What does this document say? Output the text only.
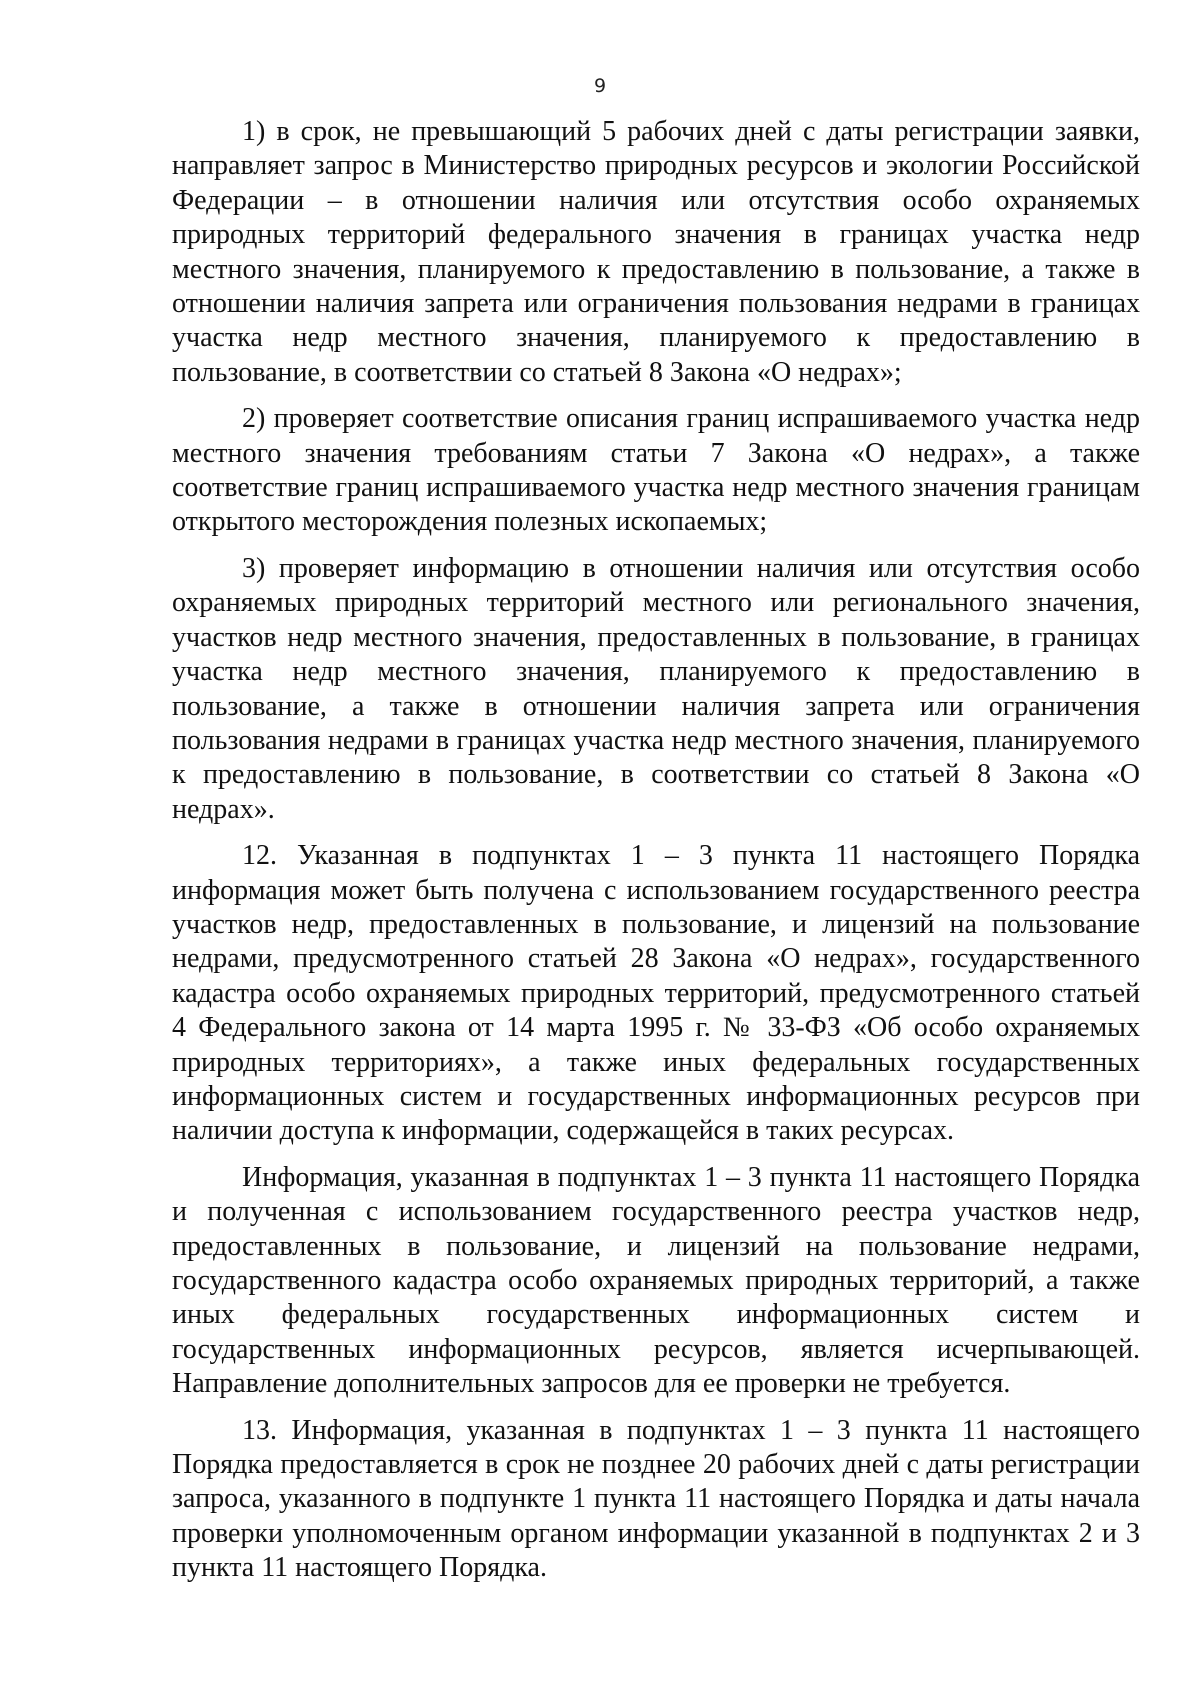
9

1) в срок, не превышающий 5 рабочих дней с даты регистрации заявки, направляет запрос в Министерство природных ресурсов и экологии Российской Федерации – в отношении наличия или отсутствия особо охраняемых природных территорий федерального значения в границах участка недр местного значения, планируемого к предоставлению в пользование, а также в отношении наличия запрета или ограничения пользования недрами в границах участка недр местного значения, планируемого к предоставлению в пользование, в соответствии со статьей 8 Закона «О недрах»;

2) проверяет соответствие описания границ испрашиваемого участка недр местного значения требованиям статьи 7 Закона «О недрах», а также соответствие границ испрашиваемого участка недр местного значения границам открытого месторождения полезных ископаемых;

3) проверяет информацию в отношении наличия или отсутствия особо охраняемых природных территорий местного или регионального значения, участков недр местного значения, предоставленных в пользование, в границах участка недр местного значения, планируемого к предоставлению в пользование, а также в отношении наличия запрета или ограничения пользования недрами в границах участка недр местного значения, планируемого к предоставлению в пользование, в соответствии со статьей 8 Закона «О недрах».

12. Указанная в подпунктах 1 – 3 пункта 11 настоящего Порядка информация может быть получена с использованием государственного реестра участков недр, предоставленных в пользование, и лицензий на пользование недрами, предусмотренного статьей 28 Закона «О недрах», государственного кадастра особо охраняемых природных территорий, предусмотренного статьей 4 Федерального закона от 14 марта 1995 г. № 33-ФЗ «Об особо охраняемых природных территориях», а также иных федеральных государственных информационных систем и государственных информационных ресурсов при наличии доступа к информации, содержащейся в таких ресурсах.

Информация, указанная в подпунктах 1 – 3 пункта 11 настоящего Порядка и полученная с использованием государственного реестра участков недр, предоставленных в пользование, и лицензий на пользование недрами, государственного кадастра особо охраняемых природных территорий, а также иных федеральных государственных информационных систем и государственных информационных ресурсов, является исчерпывающей. Направление дополнительных запросов для ее проверки не требуется.

13. Информация, указанная в подпунктах 1 – 3 пункта 11 настоящего Порядка предоставляется в срок не позднее 20 рабочих дней с даты регистрации запроса, указанного в подпункте 1 пункта 11 настоящего Порядка и даты начала проверки уполномоченным органом информации указанной в подпунктах 2 и 3 пункта 11 настоящего Порядка.
